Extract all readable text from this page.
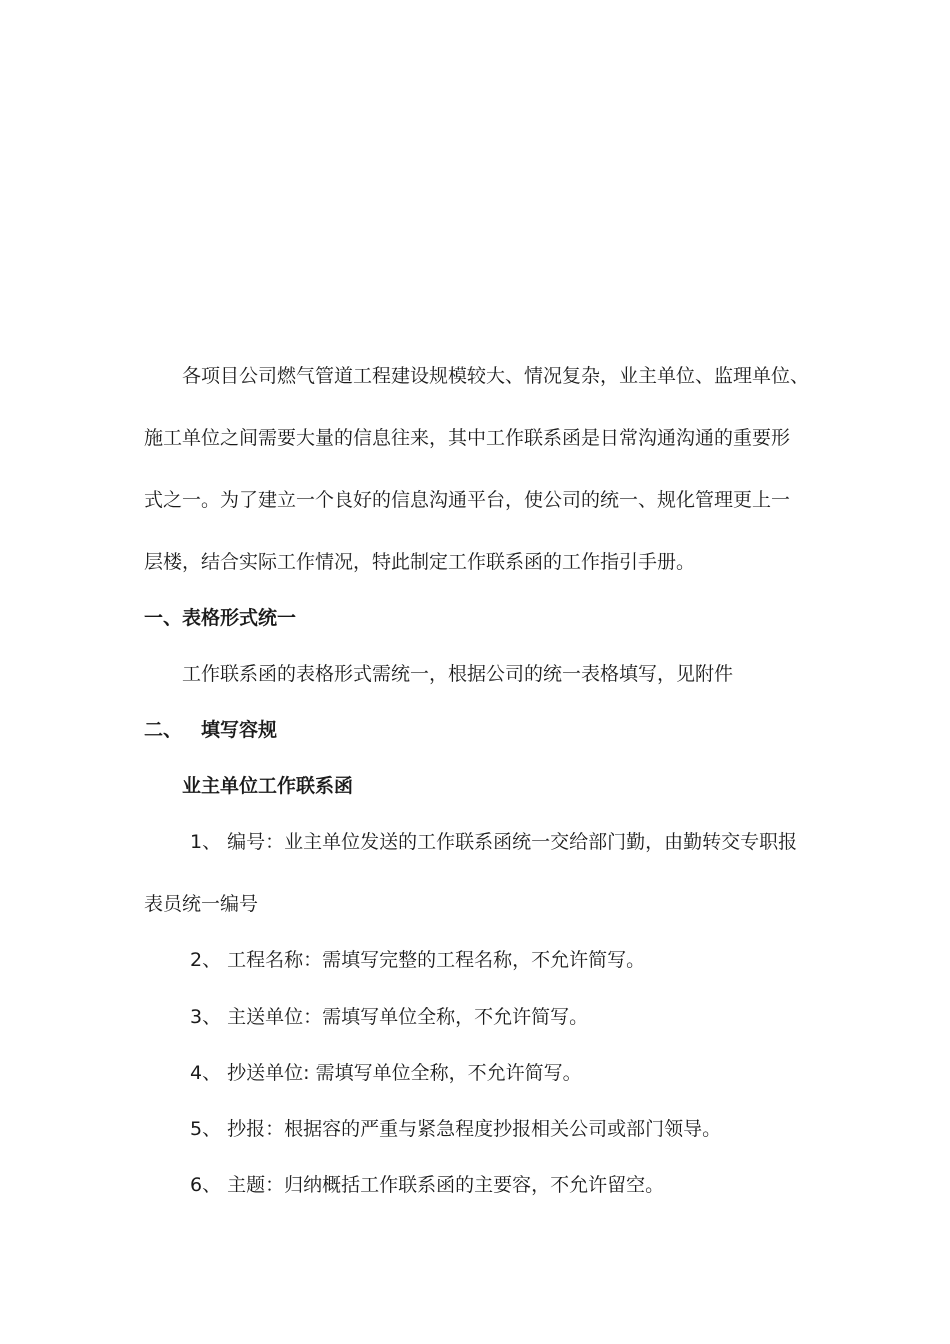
各项目公司燃气管道工程建设规模较大、情况复杂，业主单位、监理单位、
施工单位之间需要大量的信息往来，其中工作联系函是日常沟通沟通的重要形
式之一。为了建立一个良好的信息沟通平台，使公司的统一、规化管理更上一
层楼，结合实际工作情况，特此制定工作联系函的工作指引手册。
一、表格形式统一
工作联系函的表格形式需统一，根据公司的统一表格填写，见附件
二、 填写容规
业主单位工作联系函
1、 编号：业主单位发送的工作联系函统一交给部门勤，由勤转交专职报
表员统一编号
2、 工程名称：需填写完整的工程名称，不允许简写。
3、 主送单位：需填写单位全称，不允许简写。
4、 抄送单位: 需填写单位全称，不允许简写。
5、 抄报：根据容的严重与紧急程度抄报相关公司或部门领导。
6、 主题：归纳概括工作联系函的主要容，不允许留空。
